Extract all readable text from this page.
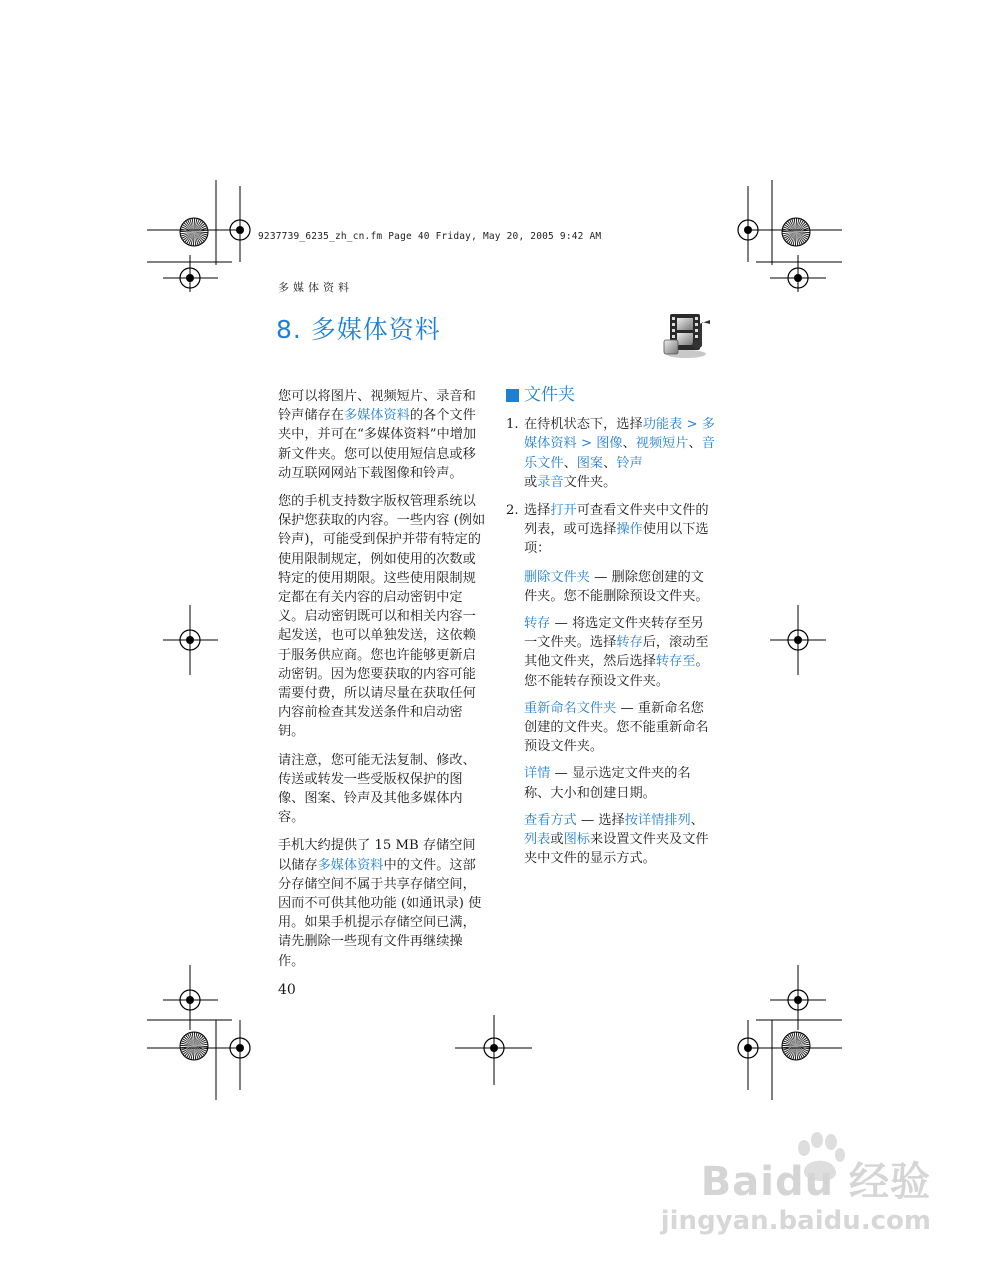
9237739_6235_zh_cn.fm Page 40 Friday, May 20, 2005 9:42 AM
多媒体资料
8. 多媒体资料

您可以将图片、视频短片、录音和铃声储存在多媒体资料的各个文件夹中，并可在“多媒体资料”中增加新文件夹。您可以使用短信息或移动互联网网站下载图像和铃声。

您的手机支持数字版权管理系统以保护您获取的内容。一些内容 (例如铃声)，可能受到保护并带有特定的使用限制规定，例如使用的次数或特定的使用期限。这些使用限制规定都在有关内容的启动密钥中定义。启动密钥既可以和相关内容一起发送，也可以单独发送，这依赖于服务供应商。您也许能够更新启动密钥。因为您要获取的内容可能需要付费，所以请尽量在获取任何内容前检查其发送条件和启动密钥。

请注意，您可能无法复制、修改、传送或转发一些受版权保护的图像、图案、铃声及其他多媒体内容。

手机大约提供了 15 MB 存储空间以储存多媒体资料中的文件。这部分存储空间不属于共享存储空间，因而不可供其他功能 (如通讯录) 使用。如果手机提示存储空间已满，请先删除一些现有文件再继续操作。

文件夹
1. 在待机状态下，选择功能表 > 多媒体资料 > 图像、视频短片、音乐文件、图案、铃声
或录音文件夹。
2. 选择打开可查看文件夹中文件的列表，或可选择操作使用以下选项：
删除文件夹 — 删除您创建的文件夹。您不能删除预设文件夹。
转存 — 将选定文件夹转存至另一文件夹。选择转存后，滚动至其他文件夹，然后选择转存至。您不能转存预设文件夹。
重新命名文件夹 — 重新命名您创建的文件夹。您不能重新命名预设文件夹。
详情 — 显示选定文件夹的名称、大小和创建日期。
查看方式 — 选择按详情排列、列表或图标来设置文件夹及文件夹中文件的显示方式。
40
Baidu 经验
jingyan.baidu.com
